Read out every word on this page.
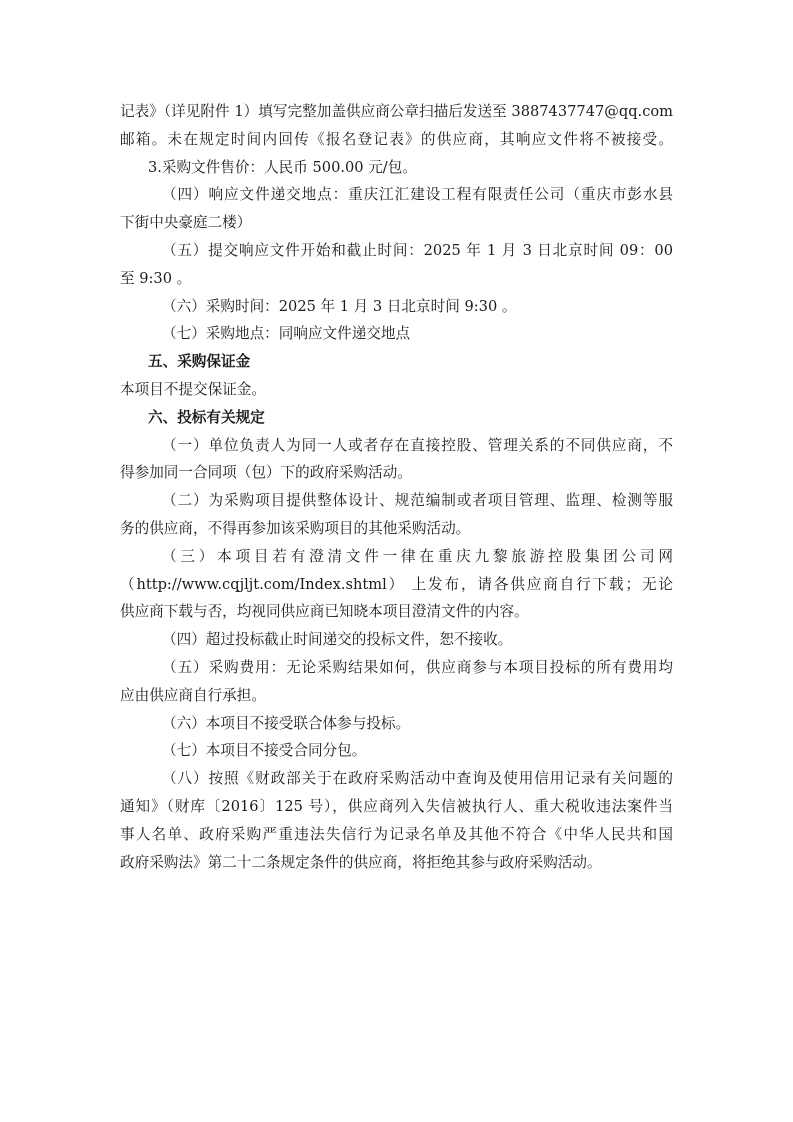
记表》（详见附件 1）填写完整加盖供应商公章扫描后发送至 3887437747@qq.com
邮箱。未在规定时间内回传《报名登记表》的供应商，其响应文件将不被接受。
3.采购文件售价：人民币 500.00 元/包。
（四）响应文件递交地点：重庆江汇建设工程有限责任公司（重庆市彭水县
下街中央豪庭二楼）
（五）提交响应文件开始和截止时间：2025 年 1 月 3 日北京时间 09：00
至 9:30 。
（六）采购时间：2025 年 1 月 3 日北京时间 9:30 。
（七）采购地点：同响应文件递交地点
五、采购保证金
本项目不提交保证金。
六、投标有关规定
（一）单位负责人为同一人或者存在直接控股、管理关系的不同供应商，不
得参加同一合同项（包）下的政府采购活动。
（二）为采购项目提供整体设计、规范编制或者项目管理、监理、检测等服
务的供应商，不得再参加该采购项目的其他采购活动。
（三）本项目若有澄清文件一律在重庆九黎旅游控股集团公司网
（http://www.cqjljt.com/Index.shtml） 上发布，请各供应商自行下载；无论
供应商下载与否，均视同供应商已知晓本项目澄清文件的内容。
（四）超过投标截止时间递交的投标文件，恕不接收。
（五）采购费用：无论采购结果如何，供应商参与本项目投标的所有费用均
应由供应商自行承担。
（六）本项目不接受联合体参与投标。
（七）本项目不接受合同分包。
（八）按照《财政部关于在政府采购活动中查询及使用信用记录有关问题的
通知》（财库〔2016〕125 号），供应商列入失信被执行人、重大税收违法案件当
事人名单、政府采购严重违法失信行为记录名单及其他不符合《中华人民共和国
政府采购法》第二十二条规定条件的供应商，将拒绝其参与政府采购活动。
